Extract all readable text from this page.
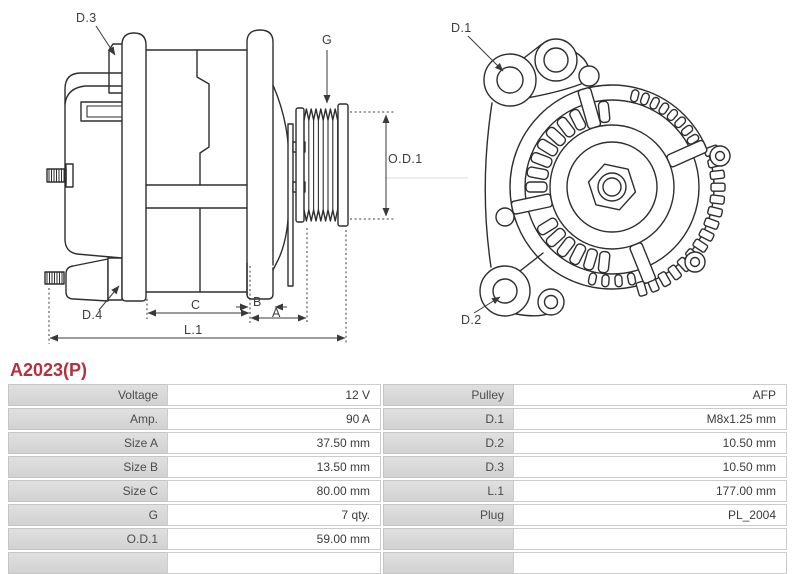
D.3
G
O.D.1
D.4
C	B
A
L.1
D.1
D.2
A2023(P)
Voltage	12 V	Pulley	AFP
Amp.	90 A	D.1	M8x1.25 mm
Size A	37.50 mm	D.2	10.50 mm
Size B	13.50 mm	D.3	10.50 mm
Size C	80.00 mm	L.1	177.00 mm
G	7 qty.	Plug	PL_2004
O.D.1	59.00 mm
